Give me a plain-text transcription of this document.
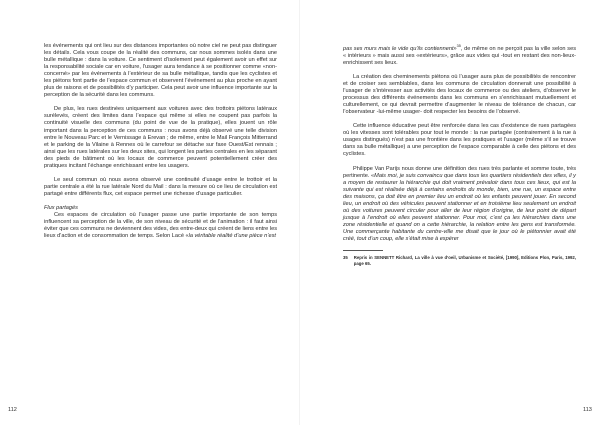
les événements qui ont lieu sur des distances importantes où notre ciel ne peut pas distinguer les détails. Cela vous coupe de la réalité des communs, car nous sommes isolés dans une bulle métallique : dans la voiture. Ce sentiment d’isolement peut également avoir un effet sur la responsabilité sociale car en voiture, l’usager aura tendance à se positionner comme «non-concerné» par les événements à l’extérieur de sa bulle métallique, tandis que les cyclistes et les piétons font partie de l’espace commun et observent l’événement au plus proche en ayant plus de raisons et de possibilités d’y participer. Cela peut avoir une influence importante sur la perception de la sécurité dans les communs.

De plus, les rues destinées uniquement aux voitures avec des trottoirs piétons latéraux surélevés, créent des limites dans l’espace qui même si elles ne coupent pas parfois la continuité visuelle des communs (du point de vue de la pratique), elles jouent un rôle important dans la perception de ces communs : nous avons déjà observé une telle division entre le Nouveau Parc et le Vernissage à Erevan ; de même, entre le Mail François Mitterrand et le parking de la Vilaine à Rennes où le carrefour se détache sur faxe Ouest/Est rennais ; ainsi que les rues latérales sur les deux sites, qui longent les parties centrales en les séparant des pieds de bâtiment où les locaux de commerce peuvent potentiellement créer des pratiques incitant l’échange enrichissant entre les usagers.

Le seul commun où nous avons observé une continuité d’usage entre le trottoir et la partie centrale a été la rue latérale Nord du Mail : dans la mesure où ce lieu de circulation est partagé entre différents flux, cet espace permet une richesse d’usage particulier.

Flux partagés

Ces espaces de circulation où l’usager passe une partie importante de son temps influencent sa perception de la ville, de son niveau de sécurité et de l’animation : il faut ainsi éviter que ces communs ne deviennent des vides, des entre-deux qui créent de liens entre les lieux d’action et de consommation de temps. Selon Lacé «la véritable réalité d’une pièce n’est

112

pas ses murs mais le vide qu’ils contiennent»$^{35}$, de même on ne perçoit pas la ville selon ses « intérieurs » mais aussi ses «extérieurs», grâce aux vides qui -tout en restant des non-lieux- enrichissent ses lieux.

La création des cheminements piétons où l’usager aura plus de possibilités de rencontrer et de croiser ses semblables, dans les communs de circulation donnerait une possibilité à l’usager de s’intéresser aux activités des locaux de commerce ou des ateliers, d’observer le processus des différents événements dans les communs en s’enrichissant mutuellement et culturellement, ce qui devrait permettre d’augmenter le niveau de tolérance de chacun, car l’observateur -lui-même usager- doit respecter les besoins de l’observé.

Cette influence éducative peut être renforcée dans les cas d’existence de rues partagées où les vitesses sont tolérables pour tout le monde : la rue partagée (contrairement à la rue à usages distingués) n’est pas une frontière dans les pratiques et l’usager (même s’il se trouve dans sa bulle métallique) a une perception de l’espace comparable à celle des piétons et des cyclistes.

Philippe Van Parijs nous donne une définition des rues très parlante et somme toute, très pertinente. «Mais moi, je suis convaincu que dans tous les quartiers résidentiels des villes, il y a moyen de restaurer la hiérarchie qui doit vraiment prévaloir dans tous ces lieux, qui est la suivante qui est réalisée déjà à certains endroits du monde, bien, une rue, un espace entre des maisons, ça doit être en premier lieu un endroit où les enfants peuvent jouer. En second lieu, un endroit où des véhicules peuvent stationner et en troisième lieu seulement un endroit où des voitures peuvent circuler pour aller de leur région d’origine, de leur point de départ jusque à l’endroit où elles peuvent stationner. Pour moi, c’est ça les hiérarchies dans une zone résidentielle et quand on a cette hiérarchie, la relation entre les gens est transformée. Une commerçante habitante du centre-ville me disait que le jour où le piétonnier avait été créé, tout d’un coup, elle s’était mise à espérer

35 Repris in SENNETT Richard, La ville à vue d’oeil, Urbanisme et Société, [1990], Editions Plon, Paris, 1992, page 65.
113
